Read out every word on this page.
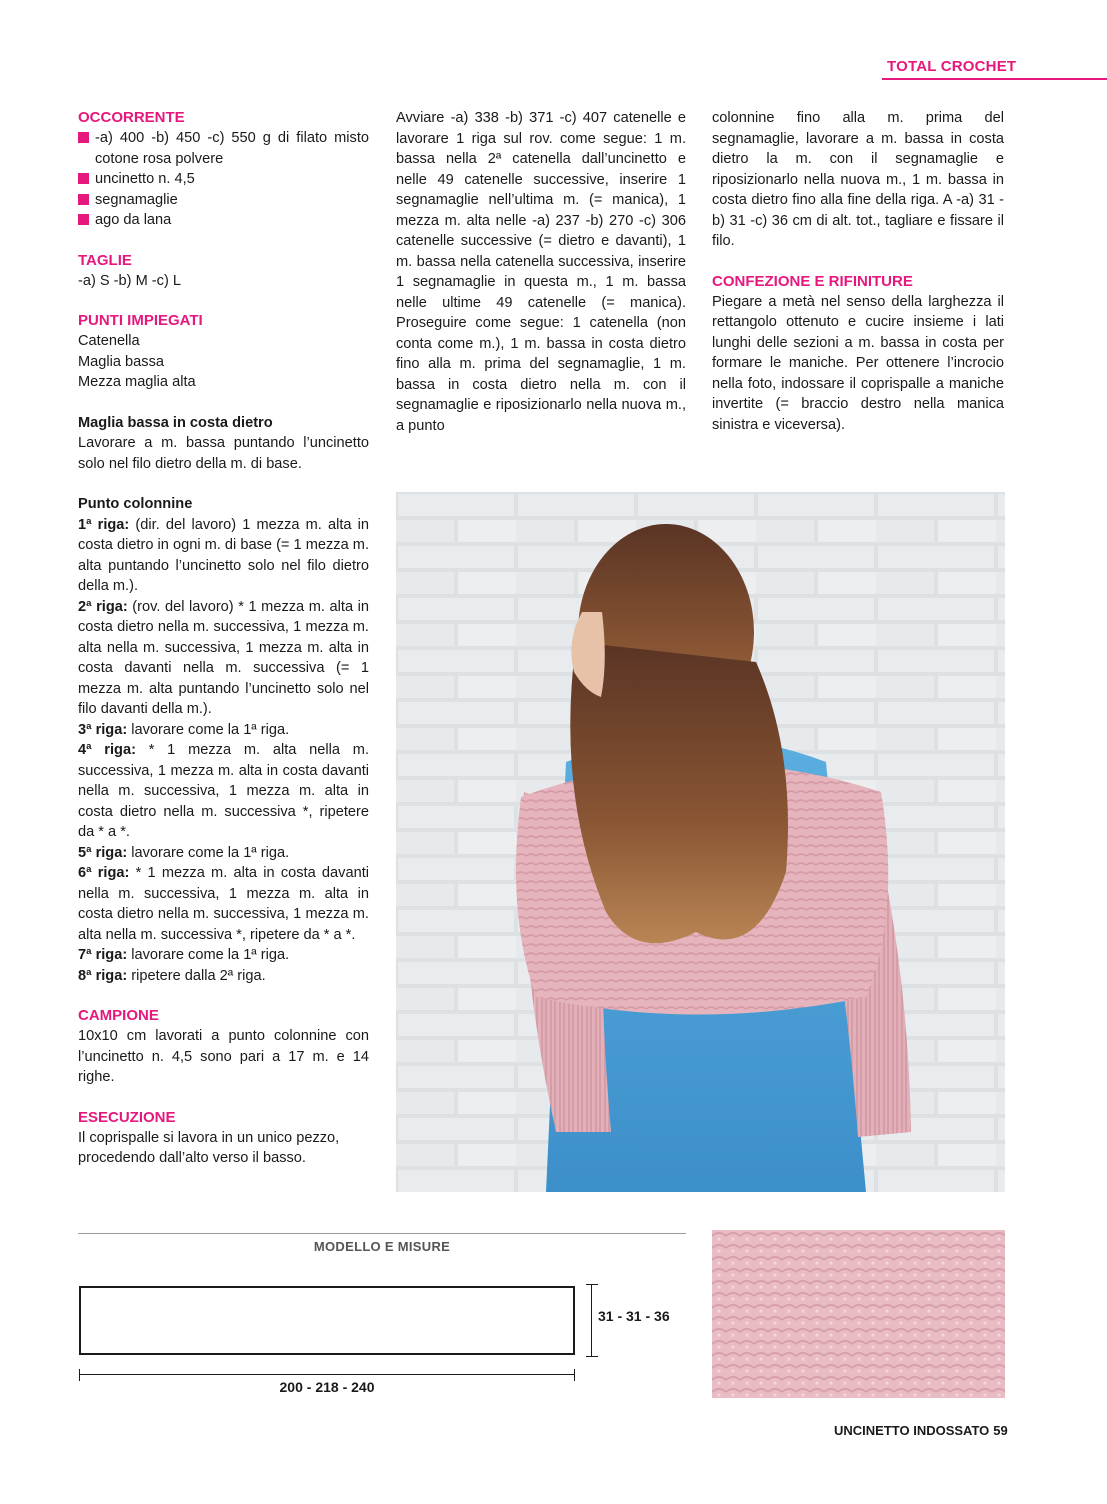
TOTAL CROCHET

OCCORRENTE

-a) 400 -b) 450 -c) 550 g di filato misto cotone rosa polvere
uncinetto n. 4,5
segnamaglie
ago da lana

TAGLIE

-a) S -b) M -c) L

PUNTI IMPIEGATI

Catenella

Maglia bassa

Mezza maglia alta

Maglia bassa in costa dietro

Lavorare a m. bassa puntando l’uncinetto solo nel filo dietro della m. di base.

Punto colonnine

1ª riga: (dir. del lavoro) 1 mezza m. alta in costa dietro in ogni m. di base (= 1 mezza m. alta puntando l’uncinetto solo nel filo dietro della m.).

2ª riga: (rov. del lavoro) * 1 mezza m. alta in costa dietro nella m. successiva, 1 mezza m. alta nella m. successiva, 1 mezza m. alta in costa davanti nella m. successiva (= 1 mezza m. alta puntando l’uncinetto solo nel filo davanti della m.).

3ª riga: lavorare come la 1ª riga.

4ª riga: * 1 mezza m. alta nella m. successiva, 1 mezza m. alta in costa davanti nella m. successiva, 1 mezza m. alta in costa dietro nella m. successiva *, ripetere da * a *.

5ª riga: lavorare come la 1ª riga.

6ª riga: * 1 mezza m. alta in costa davanti nella m. successiva, 1 mezza m. alta in costa dietro nella m. successiva, 1 mezza m. alta nella m. successiva *, ripetere da * a *.

7ª riga: lavorare come la 1ª riga.

8ª riga: ripetere dalla 2ª riga.

CAMPIONE

10x10 cm lavorati a punto colonnine con l’uncinetto n. 4,5 sono pari a 17 m. e 14 righe.

ESECUZIONE

Il coprispalle si lavora in un unico pezzo, procedendo dall’alto verso il basso.

Avviare -a) 338 -b) 371 -c) 407 catenelle e lavorare 1 riga sul rov. come segue: 1 m. bassa nella 2ª catenella dall’uncinetto e nelle 49 catenelle successive, inserire 1 segnamaglie nell’ultima m. (= manica), 1 mezza m. alta nelle -a) 237 -b) 270 -c) 306 catenelle successive (= dietro e davanti), 1 m. bassa nella catenella successiva, inserire 1 segnamaglie in questa m., 1 m. bassa nelle ultime 49 catenelle (= manica). Proseguire come segue: 1 catenella (non conta come m.), 1 m. bassa in costa dietro fino alla m. prima del segnamaglie, 1 m. bassa in costa dietro nella m. con il segnamaglie e riposizionarlo nella nuova m., a punto

colonnine fino alla m. prima del segnamaglie, lavorare a m. bassa in costa dietro la m. con il segnamaglie e riposizionarlo nella nuova m., 1 m. bassa in costa dietro fino alla fine della riga. A -a) 31 -b) 31 -c) 36 cm di alt. tot., tagliare e fissare il filo.

CONFEZIONE E RIFINITURE

Piegare a metà nel senso della larghezza il rettangolo ottenuto e cucire insieme i lati lunghi delle sezioni a m. bassa in costa per formare le maniche. Per ottenere l’incrocio nella foto, indossare il coprispalle a maniche invertite (= braccio destro nella manica sinistra e viceversa).

MODELLO E MISURE
200 - 218 - 240
31 - 31 - 36
UNCINETTO INDOSSATO 59
